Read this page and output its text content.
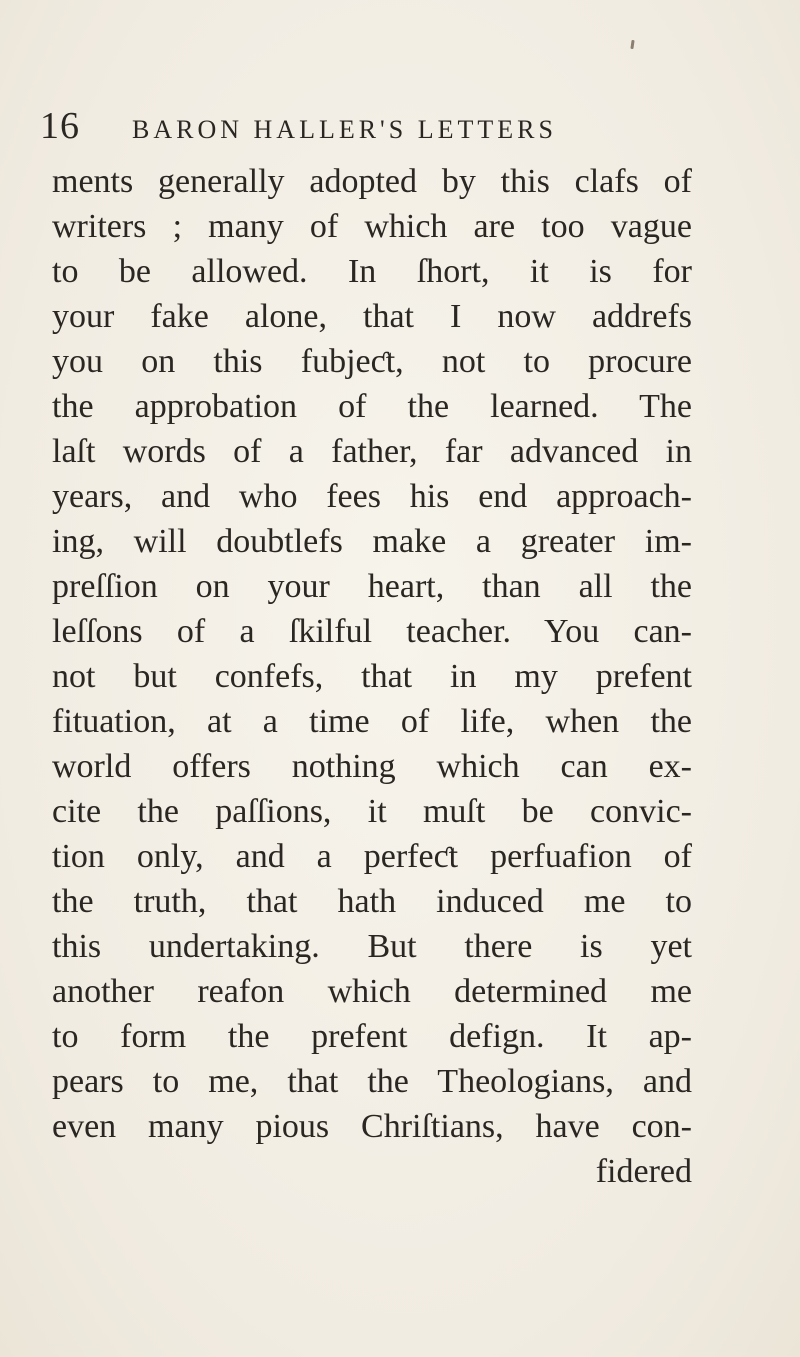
16	BARON HALLER'S LETTERS
ments generally adopted by this clafs of
writers ; many of which are too vague
to be allowed. In ſhort, it is for
your fake alone, that I now addrefs
you on this fubjeƈt, not to procure
the approbation of the learned. The
laſt words of a father, far advanced in
years, and who fees his end approach-
ing, will doubtlefs make a greater im-
preſſion on your heart, than all the
leſſons of a ſkilful teacher. You can-
not but confefs, that in my prefent
fituation, at a time of life, when the
world offers nothing which can ex-
cite the paſſions, it muſt be convic-
tion only, and a perfeƈt perfuafion of
the truth, that hath induced me to
this undertaking. But there is yet
another reafon which determined me
to form the prefent defign. It ap-
pears to me, that the Theologians, and
even many pious Chriſtians, have con-
fidered
